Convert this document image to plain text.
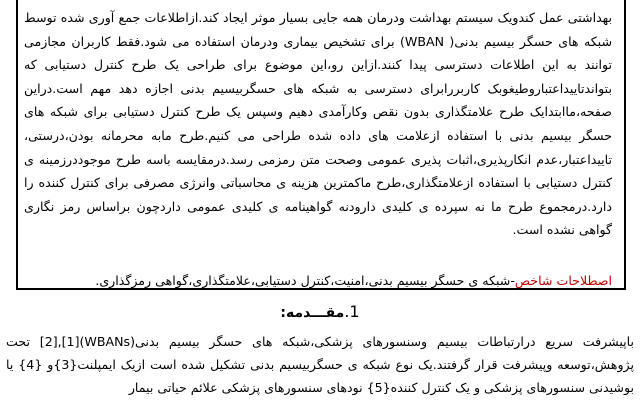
بهداشتی عمل کندویک سیستم بهداشت ودرمان همه جایی بسیار موثر ایجاد کند.ازاطلاعات جمع آوری شده توسط شبکه های حسگر بیسیم بدنی( WBAN) برای تشخیص بیماری ودرمان استفاده می شود.فقط کاربران مجازمی توانند به این اطلاعات دسترسی پیدا کنند.ازاین رو،این موضوع برای طراحی یک طرح کنترل دستیابی که بتواندتاییداعتباروطیغوبک کاربررابرای دسترسی به شبکه های حسگربیسیم بدنی اجازه دهد مهم است.دراین صفحه،ماابتدایک طرح علامتگذاری بدون نقص وکارآمدی دهیم وسپس یک طرح کنترل دستیابی برای شبکه های حسگر بیسیم بدنی با استفاده ازعلامت های داده شده طراحی می کنیم.طرح مابه محرمانه بودن،درستی، تاییداعتبار،عدم انکارپذیری،اثبات پذیری عمومی وصحت متن رمزمی رسد.درمقایسه باسه طرح موجوددرزمینه ی کنترل دستیابی با استفاده ازعلامتگذاری،طرح ماکمترین هزینه ی محاسباتی وانرژی مصرفی برای کنترل کننده را دارد.درمجموع طرح ما نه سپرده ی کلیدی دارودنه گواهینامه ی کلیدی عمومی داردچون براساس رمز نگاری گواهی نشده است.

اصطلاحات شاخص-شبکه ی حسگر بیسیم بدنی،امنیت،کنترل دستیابی،علامتگذاری،گواهی رمزگذاری.

1.مقـــدمه:

باپیشرفت سریع درارتباطات بیسیم وسنسورهای پزشکی،شبکه های حسگر بیسیم بدنی(WBANs)[1],[2] تحت پژوهش،توسعه وپیشرفت قرار گرفتند.یک نوع شبکه ی حسگربیسیم بدنی تشکیل شده است ازیک ایمپلنت{3}و {4} یا بوشیدنی سنسورهای پزشکی و یک کنترل کننده{5} نودهای سنسورهای پزشکی علائم حیاتی بیمار
